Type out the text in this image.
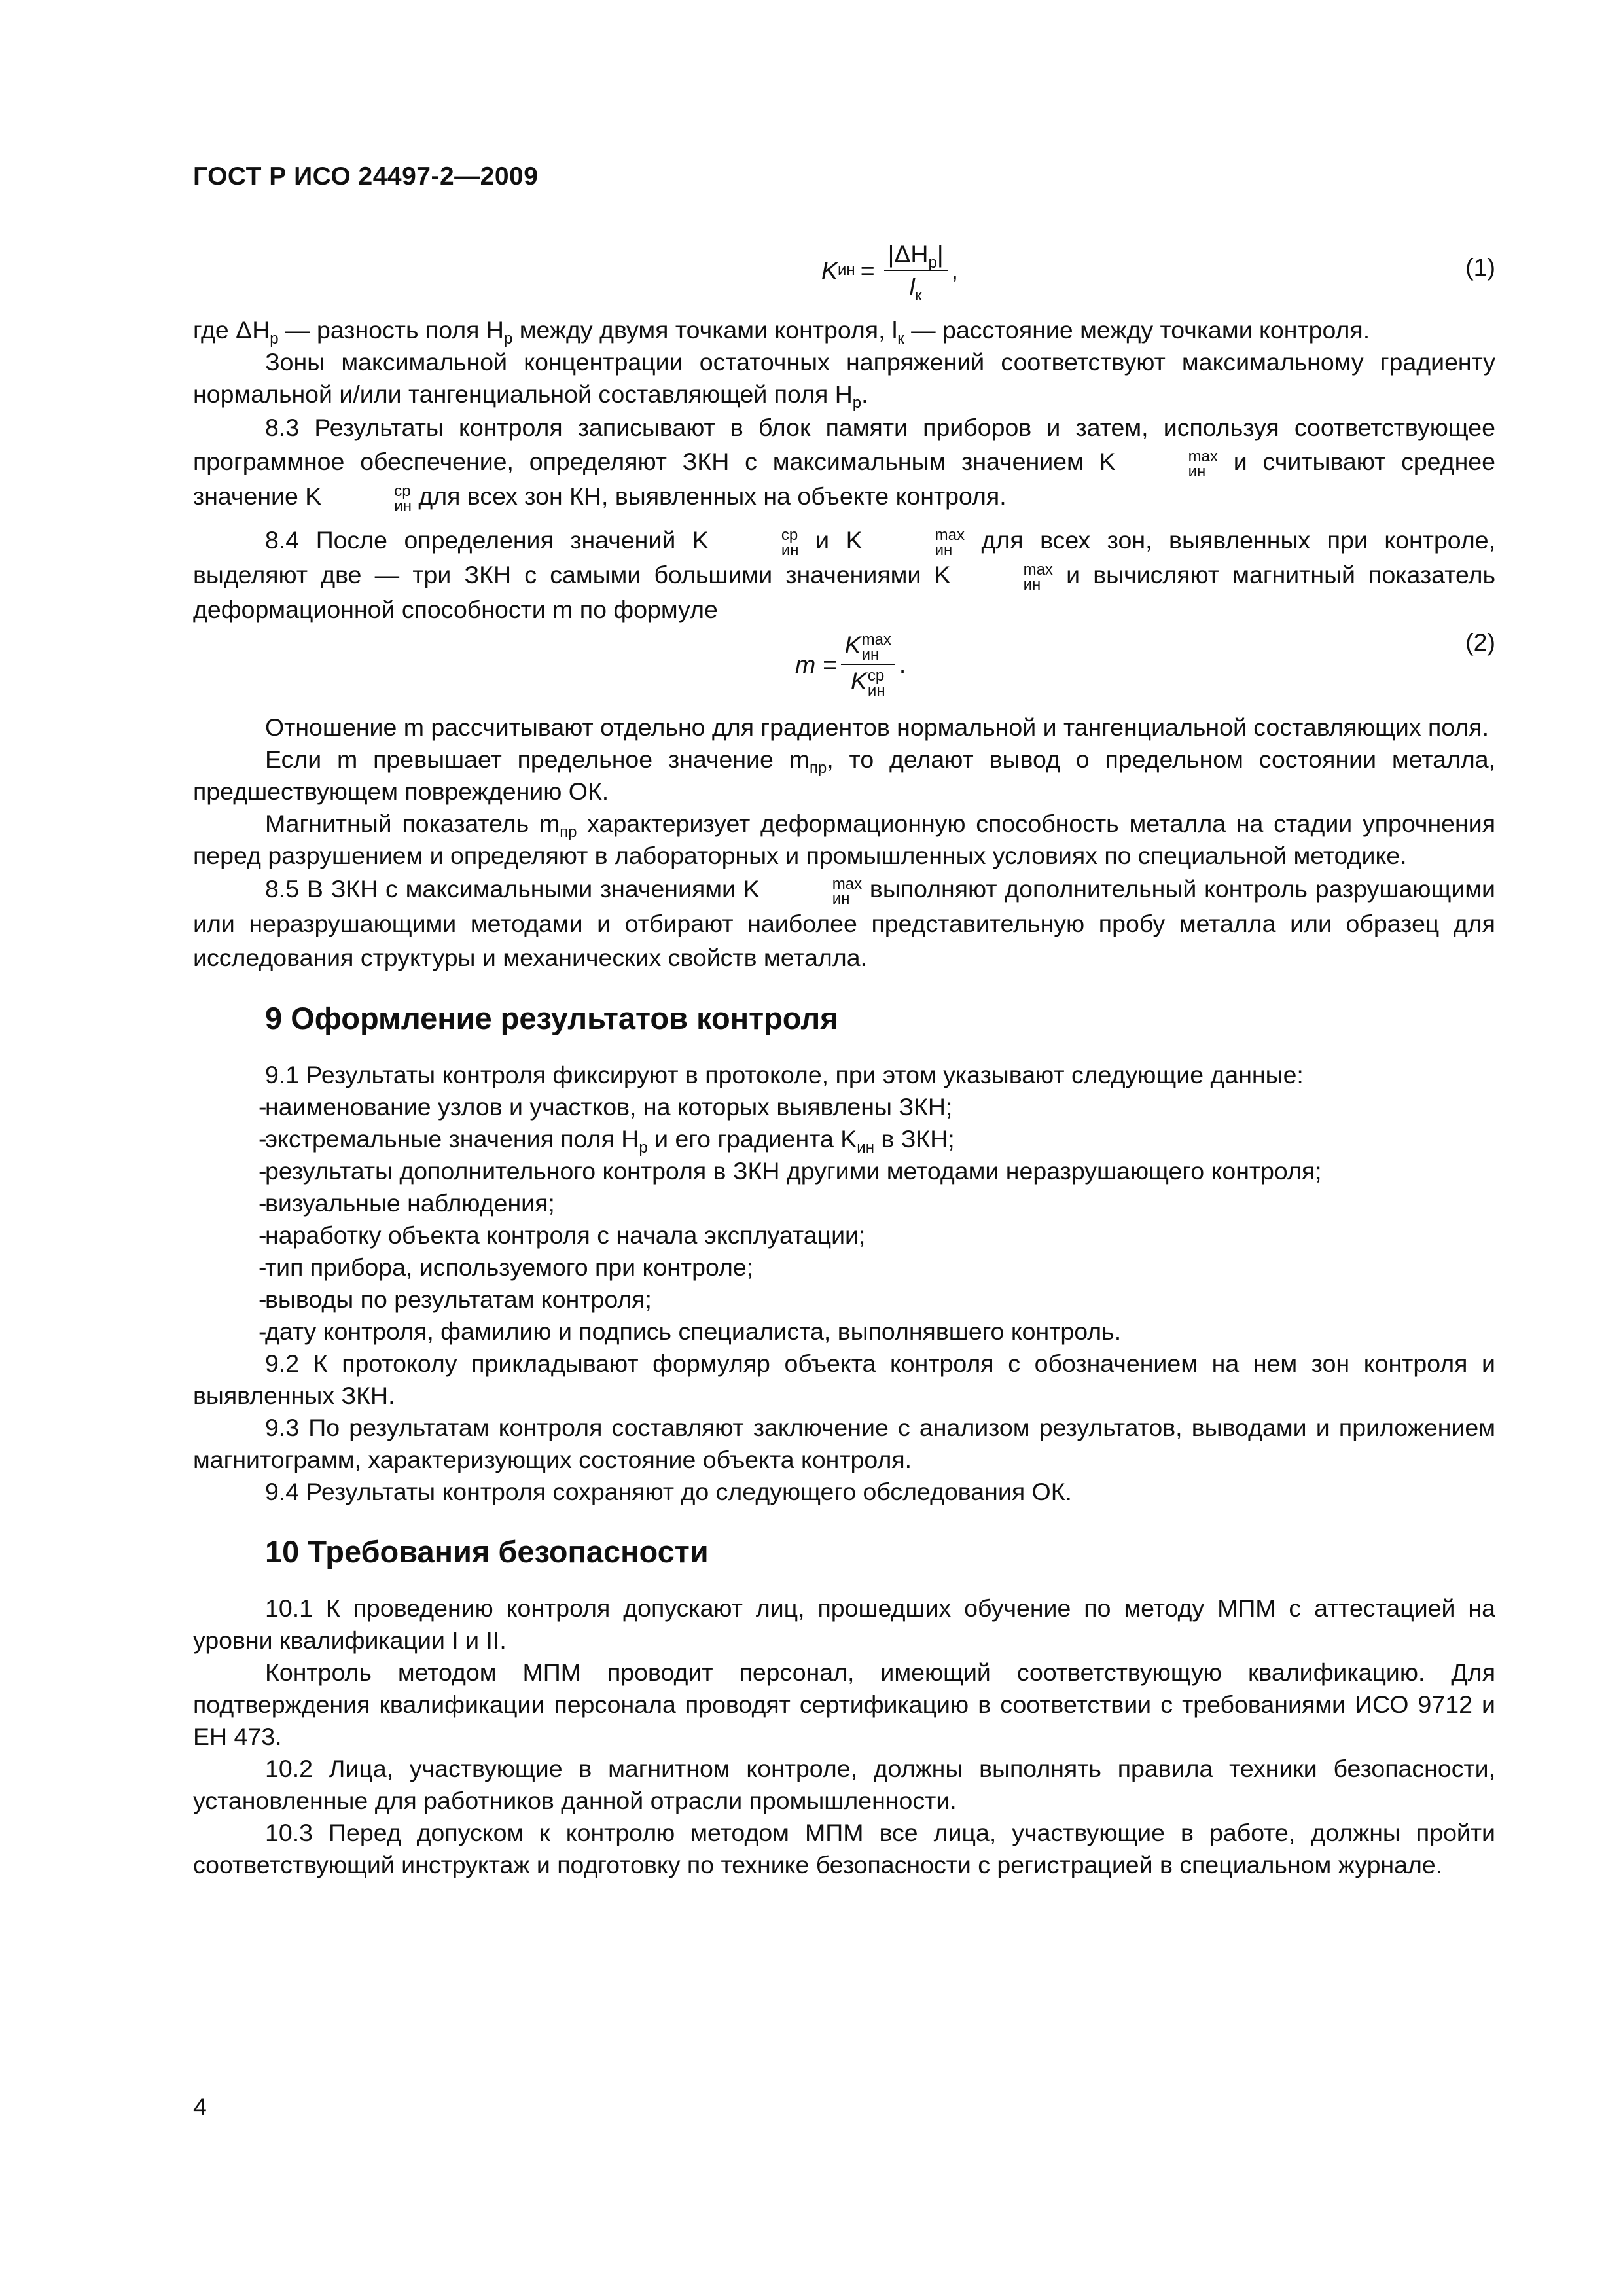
ГОСТ Р ИСО 24497-2—2009
K ин = $\frac{|\Delta H_р|}{l_к}$ ,	(1)

где $\Delta H_р$ — разность поля $H_р$ между двумя точками контроля, $l_к$ — расстояние между точками контроля.

Зоны максимальной концентрации остаточных напряжений соответствуют максимальному градиенту нормальной и/или тангенциальной составляющей поля $H_р$.

8.3 Результаты контроля записывают в блок памяти приборов и затем, используя соответствующее программное обеспечение, определяют ЗКН с максимальным значением K	max
ин и считывают среднее значение K	ср
ин для всех зон КН, выявленных на объекте контроля.

8.4 После определения значений K	ср
ин и K	max
ин для всех зон, выявленных при контроле, выделяют две — три ЗКН с самыми большими значениями K	max
ин и вычисляют магнитный показатель деформационной способности m по формуле

m = K max
ин
K ср
ин .
(2)

Отношение m рассчитывают отдельно для градиентов нормальной и тангенциальной составляющих поля.

Если m превышает предельное значение $m_{пр}$, то делают вывод о предельном состоянии металла, предшествующем повреждению ОК.

Магнитный показатель $m_{пр}$ характеризует деформационную способность металла на стадии упрочнения перед разрушением и определяют в лабораторных и промышленных условиях по специальной методике.

8.5 В ЗКН с максимальными значениями K	max
ин выполняют дополнительный контроль разрушающими или неразрушающими методами и отбирают наиболее представительную пробу металла или образец для исследования структуры и механических свойств металла.

9 Оформление результатов контроля

9.1 Результаты контроля фиксируют в протоколе, при этом указывают следующие данные:

-
наименование узлов и участков, на которых выявлены ЗКН;
-
экстремальные значения поля $H_р$ и его градиента $K_{ин}$ в ЗКН;
-
результаты дополнительного контроля в ЗКН другими методами неразрушающего контроля;
-
визуальные наблюдения;
-
наработку объекта контроля с начала эксплуатации;
-
тип прибора, используемого при контроле;
-
выводы по результатам контроля;
-
дату контроля, фамилию и подпись специалиста, выполнявшего контроль.

9.2 К протоколу прикладывают формуляр объекта контроля с обозначением на нем зон контроля и выявленных ЗКН.

9.3 По результатам контроля составляют заключение с анализом результатов, выводами и приложением магнитограмм, характеризующих состояние объекта контроля.

9.4 Результаты контроля сохраняют до следующего обследования ОК.

10 Требования безопасности

10.1 К проведению контроля допускают лиц, прошедших обучение по методу МПМ с аттестацией на уровни квалификации I и II.

Контроль методом МПМ проводит персонал, имеющий соответствующую квалификацию. Для подтверждения квалификации персонала проводят сертификацию в соответствии с требованиями ИСО 9712 и ЕН 473.

10.2 Лица, участвующие в магнитном контроле, должны выполнять правила техники безопасности, установленные для работников данной отрасли промышленности.

10.3 Перед допуском к контролю методом МПМ все лица, участвующие в работе, должны пройти соответствующий инструктаж и подготовку по технике безопасности с регистрацией в специальном журнале.

4
